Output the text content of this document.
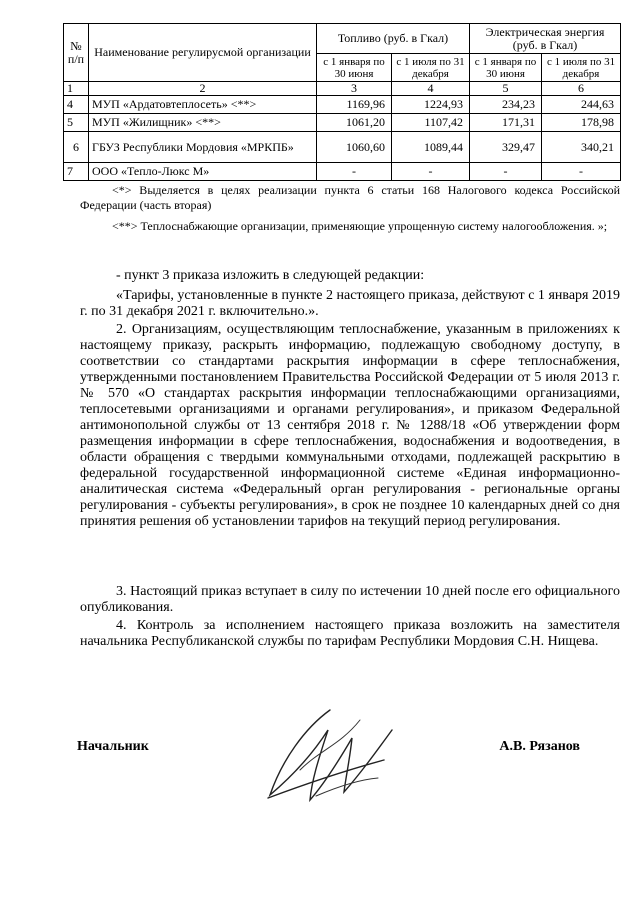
№ п/п	Наименование регулирусмой организации	Топливо (руб. в Гкал)		Электрическая энергия (руб. в Гкал)	
		с 1 января по 30 июня	с 1 июля по 31 декабря	с 1 января по 30 июня	с 1 июля по 31 декабря
1	2	3	4	5	6
4	МУП «Ардатовтеплосеть» <**>	1169,96	1224,93	234,23	244,63
5	МУП «Жилищник» <**>	1061,20	1107,42	171,31	178,98
6	ГБУЗ Республики Мордовия «МРКПБ»	1060,60	1089,44	329,47	340,21
7	ООО «Тепло-Люкс М»	-	-	-	-

<*> Выделяется в целях реализации пункта 6 статьи 168 Налогового кодекса Российской Федерации (часть вторая)

<**> Теплоснабжающие организации, применяющие упрощенную систему налогообложения. »;

- пункт 3 приказа изложить в следующей редакции:

«Тарифы, установленные в пункте 2 настоящего приказа, действуют с 1 января 2019 г. по 31 декабря 2021 г. включительно.».

2. Организациям, осуществляющим теплоснабжение, указанным в приложениях к настоящему приказу, раскрыть информацию, подлежащую свободному доступу, в соответствии со стандартами раскрытия информации в сфере теплоснабжения, утвержденными постановлением Правительства Российской Федерации от 5 июля 2013 г. № 570 «О стандартах раскрытия информации теплоснабжающими организациями, теплосетевыми организациями и органами регулирования», и приказом Федеральной антимонопольной службы от 13 сентября 2018 г. № 1288/18 «Об утверждении форм размещения информации в сфере теплоснабжения, водоснабжения и водоотведения, в области обращения с твердыми коммунальными отходами, подлежащей раскрытию в федеральной государственной информационной системе «Единая информационно-аналитическая система «Федеральный орган регулирования - региональные органы регулирования - субъекты регулирования», в срок не позднее 10 календарных дней со дня принятия решения об установлении тарифов на текущий период регулирования.

3. Настоящий приказ вступает в силу по истечении 10 дней после его официального опубликования.

4. Контроль за исполнением настоящего приказа возложить на заместителя начальника Республиканской службы по тарифам Республики Мордовия С.Н. Нищева.

Начальник	А.В. Рязанов
